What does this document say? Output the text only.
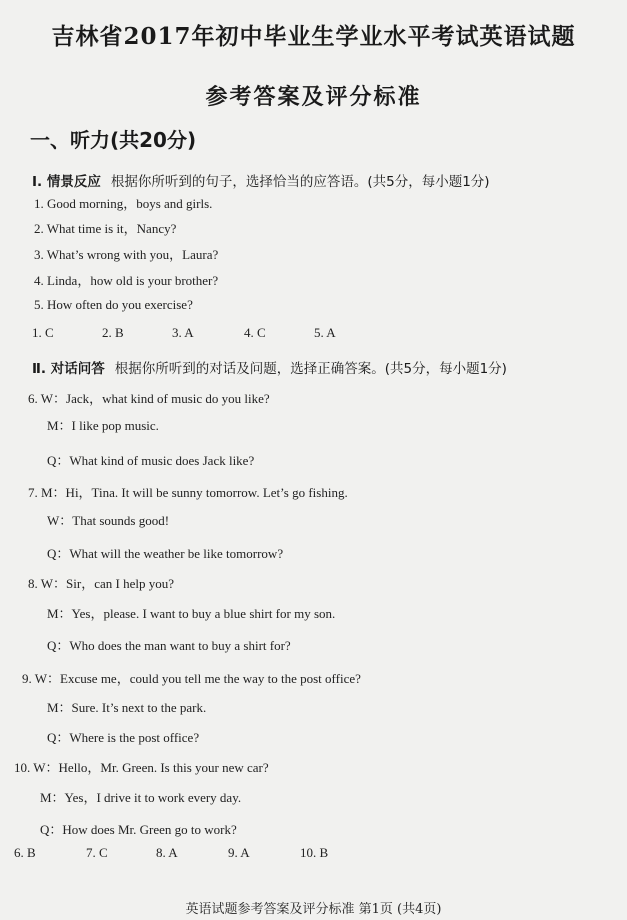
吉林省2017年初中毕业生学业水平考试英语试题
参考答案及评分标准
一、听力(共20分)
Ⅰ. 情景反应 根据你所听到的句子，选择恰当的应答语。(共5分，每小题1分)
1. Good morning，boys and girls.
2. What time is it，Nancy?
3. What’s wrong with you，Laura?
4. Linda，how old is your brother?
5. How often do you exercise?
1. C	2. B	3. A	4. C	5. A
Ⅱ. 对话问答 根据你所听到的对话及问题，选择正确答案。(共5分，每小题1分)
6. W：Jack，what kind of music do you like?
M：I like pop music.
Q：What kind of music does Jack like?
7. M：Hi，Tina. It will be sunny tomorrow. Let’s go fishing.
W：That sounds good!
Q：What will the weather be like tomorrow?
8. W：Sir，can I help you?
M：Yes，please. I want to buy a blue shirt for my son.
Q：Who does the man want to buy a shirt for?
9. W：Excuse me，could you tell me the way to the post office?
M：Sure. It’s next to the park.
Q：Where is the post office?
10. W：Hello，Mr. Green. Is this your new car?
M：Yes，I drive it to work every day.
Q：How does Mr. Green go to work?
6. B	7. C	8. A	9. A	10. B
英语试题参考答案及评分标准 第1页 (共4页)
